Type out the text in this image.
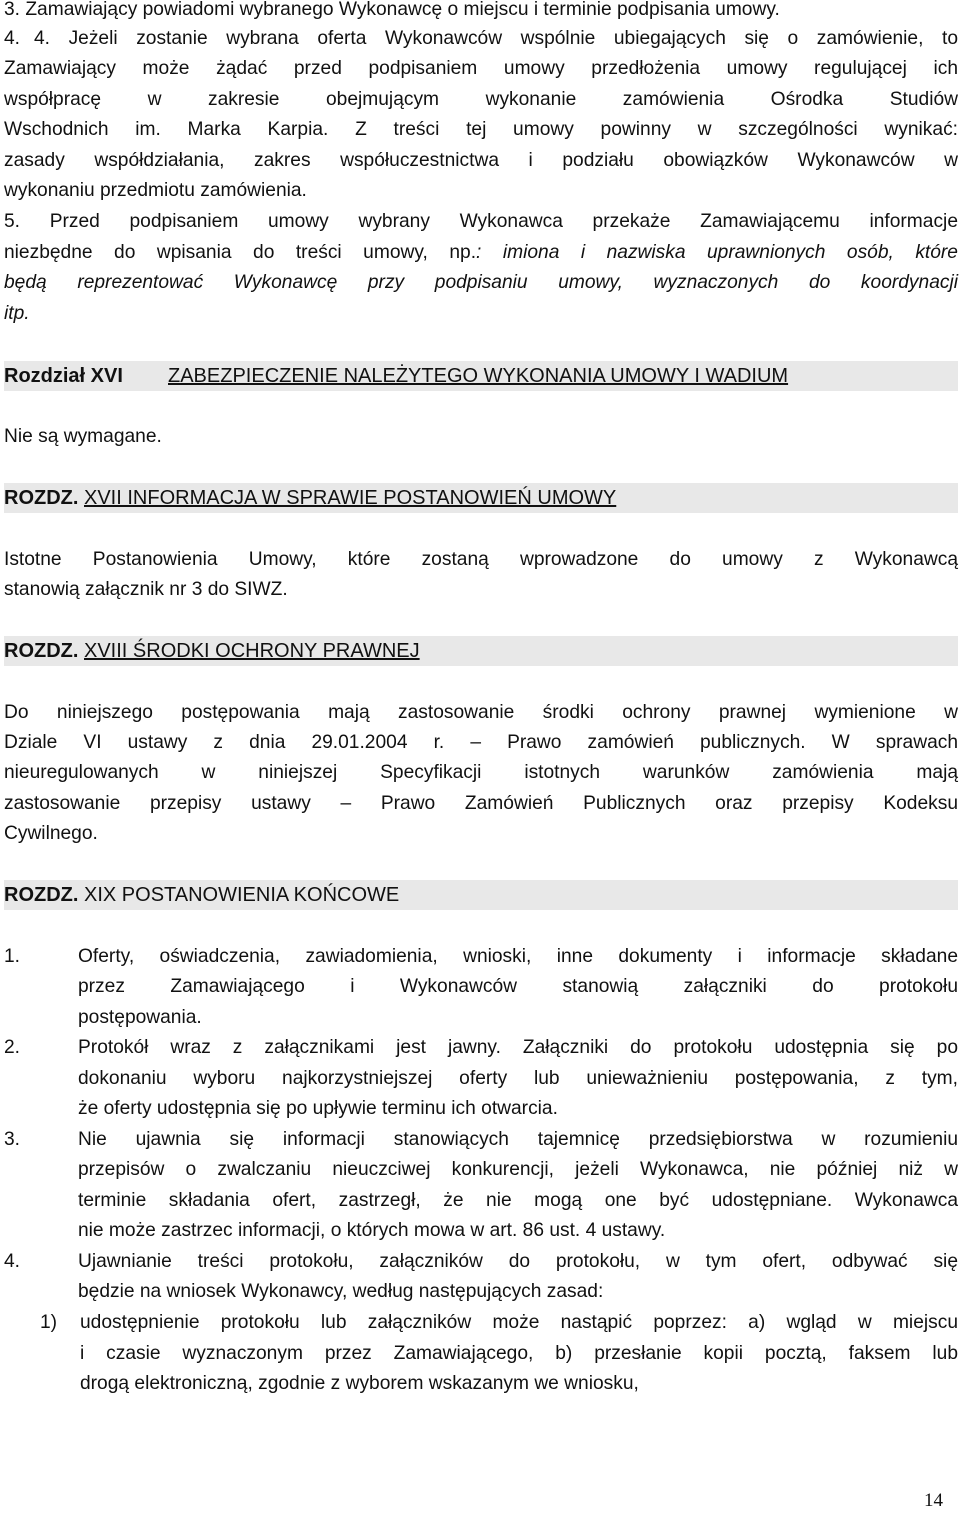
3. Zamawiający powiadomi wybranego Wykonawcę o miejscu i terminie podpisania umowy.
4. 4. Jeżeli zostanie wybrana oferta Wykonawców wspólnie ubiegających się o zamówienie, to
Zamawiający może żądać przed podpisaniem umowy przedłożenia umowy regulującej ich
współpracę w zakresie obejmującym wykonanie zamówienia Ośrodka Studiów
Wschodnich im. Marka Karpia. Z treści tej umowy powinny w szczególności wynikać:
zasady współdziałania, zakres współuczestnictwa i podziału obowiązków Wykonawców w
wykonaniu przedmiotu zamówienia.
5. Przed podpisaniem umowy wybrany Wykonawca przekaże Zamawiającemu informacje
niezbędne do wpisania do treści umowy, np.: imiona i nazwiska uprawnionych osób, które
będą reprezentować Wykonawcę przy podpisaniu umowy, wyznaczonych do koordynacji
itp.
Rozdział XVI ZABEZPIECZENIE NALEŻYTEGO WYKONANIA UMOWY I WADIUM
Nie są wymagane.
ROZDZ. XVII INFORMACJA W SPRAWIE POSTANOWIEŃ UMOWY
Istotne Postanowienia Umowy, które zostaną wprowadzone do umowy z Wykonawcą
stanowią załącznik nr 3 do SIWZ.
ROZDZ. XVIII ŚRODKI OCHRONY PRAWNEJ
Do niniejszego postępowania mają zastosowanie środki ochrony prawnej wymienione w
Dziale VI ustawy z dnia 29.01.2004 r. – Prawo zamówień publicznych. W sprawach
nieuregulowanych w niniejszej Specyfikacji istotnych warunków zamówienia mają
zastosowanie przepisy ustawy – Prawo Zamówień Publicznych oraz przepisy Kodeksu
Cywilnego.
ROZDZ. XIX POSTANOWIENIA KOŃCOWE
1.	Oferty, oświadczenia, zawiadomienia, wnioski, inne dokumenty i informacje składane
przez Zamawiającego i Wykonawców stanowią załączniki do protokołu
postępowania.
2.	Protokół wraz z załącznikami jest jawny. Załączniki do protokołu udostępnia się po
dokonaniu wyboru najkorzystniejszej oferty lub unieważnieniu postępowania, z tym,
że oferty udostępnia się po upływie terminu ich otwarcia.
3.	Nie ujawnia się informacji stanowiących tajemnicę przedsiębiorstwa w rozumieniu
przepisów o zwalczaniu nieuczciwej konkurencji, jeżeli Wykonawca, nie później niż w
terminie składania ofert, zastrzegł, że nie mogą one być udostępniane. Wykonawca
nie może zastrzec informacji, o których mowa w art. 86 ust. 4 ustawy.
4.	Ujawnianie treści protokołu, załączników do protokołu, w tym ofert, odbywać się
będzie na wniosek Wykonawcy, według następujących zasad:
1) udostępnienie protokołu lub załączników może nastąpić poprzez: a) wgląd w miejscu
i czasie wyznaczonym przez Zamawiającego, b) przesłanie kopii pocztą, faksem lub
drogą elektroniczną, zgodnie z wyborem wskazanym we wniosku,
14
